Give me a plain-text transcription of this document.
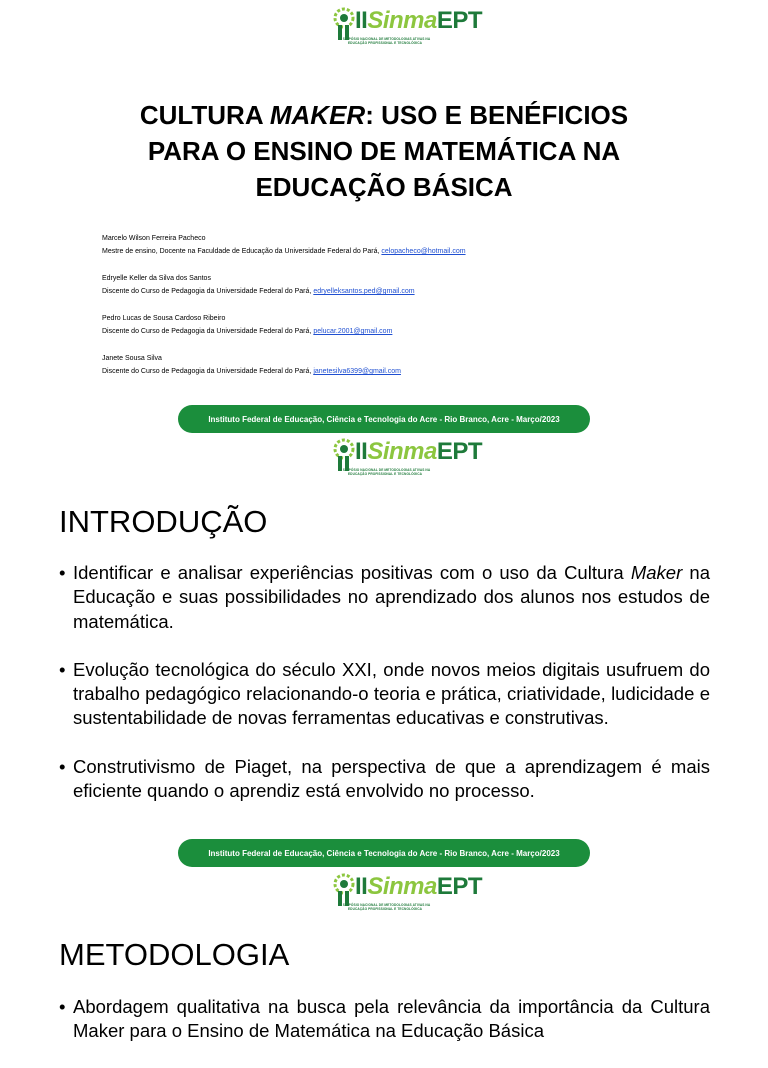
IISinmaEPT
II SIMPÓSIO NACIONAL DE METODOLOGIAS ATIVAS NA EDUCAÇÃO PROFISSIONAL E TECNOLÓGICA
CULTURA MAKER: USO E BENÉFICIOS
PARA O ENSINO DE MATEMÁTICA NA
EDUCAÇÃO BÁSICA
Marcelo Wilson Ferreira Pacheco
Mestre de ensino, Docente na Faculdade de Educação da Universidade Federal do Pará, celopacheco@hotmail.com
Edryelle Keller da Silva dos Santos
Discente do Curso de Pedagogia da Universidade Federal do Pará, edryelleksantos.ped@gmail.com
Pedro Lucas de Sousa Cardoso Ribeiro
Discente do Curso de Pedagogia da Universidade Federal do Pará, pelucar.2001@gmail.com
Janete Sousa Silva
Discente do Curso de Pedagogia da Universidade Federal do Pará, janetesilva6399@gmail.com
Instituto Federal de Educação, Ciência e Tecnologia do Acre - Rio Branco, Acre - Março/2023
IISinmaEPT
II SIMPÓSIO NACIONAL DE METODOLOGIAS ATIVAS NA EDUCAÇÃO PROFISSIONAL E TECNOLÓGICA
INTRODUÇÃO
• Identificar e analisar experiências positivas com o uso da Cultura Maker na Educação e suas possibilidades no aprendizado dos alunos nos estudos de matemática.
• Evolução tecnológica do século XXI, onde novos meios digitais usufruem do trabalho pedagógico relacionando-o teoria e prática, criatividade, ludicidade e sustentabilidade de novas ferramentas educativas e construtivas.
• Construtivismo de Piaget, na perspectiva de que a aprendizagem é mais eficiente quando o aprendiz está envolvido no processo.
Instituto Federal de Educação, Ciência e Tecnologia do Acre - Rio Branco, Acre - Março/2023
IISinmaEPT
II SIMPÓSIO NACIONAL DE METODOLOGIAS ATIVAS NA EDUCAÇÃO PROFISSIONAL E TECNOLÓGICA
METODOLOGIA
• Abordagem qualitativa na busca pela relevância da importância da Cultura Maker para o Ensino de Matemática na Educação Básica
